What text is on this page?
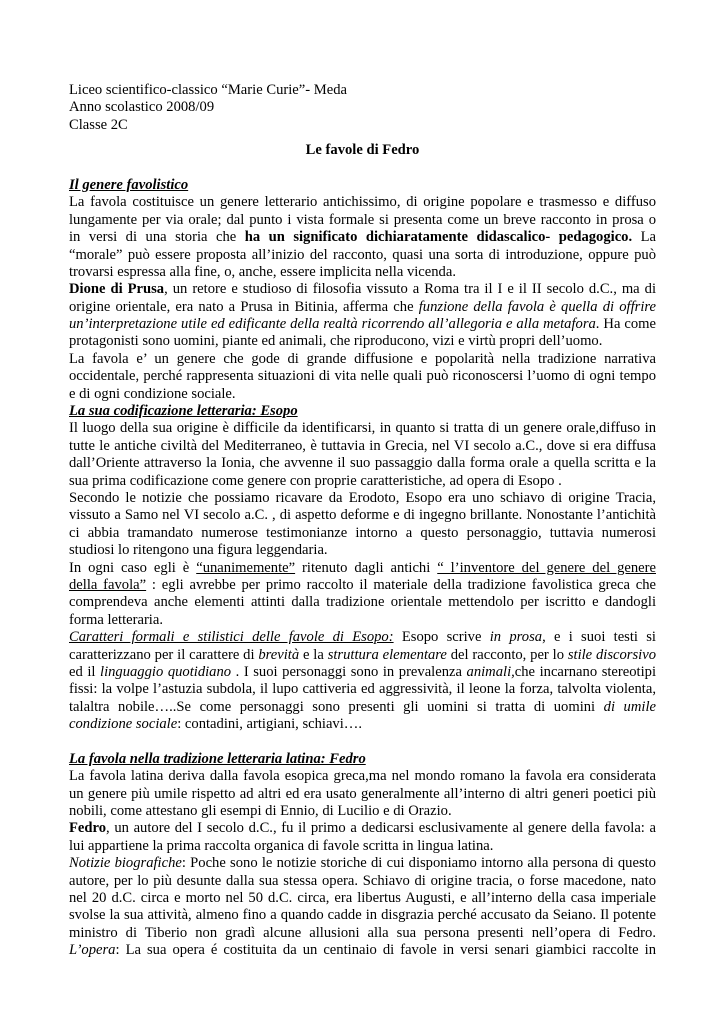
Liceo scientifico-classico “Marie Curie”- Meda
Anno scolastico 2008/09
Classe 2C
Le favole di Fedro
Il genere favolistico
La favola costituisce un genere letterario antichissimo, di origine popolare e trasmesso e diffuso
lungamente per via orale; dal punto i vista formale si presenta come un breve racconto in prosa o
in versi di una storia che ha un significato dichiaratamente didascalico- pedagogico. La
“morale” può essere proposta all’inizio del racconto, quasi una sorta di introduzione, oppure può
trovarsi espressa alla fine, o, anche, essere implicita nella vicenda.
Dione di Prusa, un retore e studioso di filosofia vissuto a Roma tra il I e il II secolo d.C., ma di
origine orientale, era nato a Prusa in Bitinia, afferma che funzione della favola è quella di offrire
un’interpretazione utile ed edificante della realtà ricorrendo all’allegoria e alla metafora. Ha come
protagonisti sono uomini, piante ed animali, che riproducono, vizi e virtù propri dell’uomo.
La favola e’ un genere che gode di grande diffusione e popolarità nella tradizione narrativa
occidentale, perché rappresenta situazioni di vita nelle quali può riconoscersi l’uomo di ogni tempo
e di ogni condizione sociale.
La sua codificazione letteraria: Esopo
Il luogo della sua origine è difficile da identificarsi, in quanto si tratta di un genere orale,diffuso in
tutte le antiche civiltà del Mediterraneo, è tuttavia in Grecia, nel VI secolo a.C., dove si era diffusa
dall’Oriente attraverso la Ionia, che avvenne il suo passaggio dalla forma orale a quella scritta e la
sua prima codificazione come genere con proprie caratteristiche, ad opera di Esopo .
Secondo le notizie che possiamo ricavare da Erodoto, Esopo era uno schiavo di origine Tracia,
vissuto a Samo nel VI secolo a.C. , di aspetto deforme e di ingegno brillante. Nonostante l’antichità
ci abbia tramandato numerose testimonianze intorno a questo personaggio, tuttavia numerosi
studiosi lo ritengono una figura leggendaria.
In ogni caso egli è “unanimemente” ritenuto dagli antichi “ l’inventore del genere del genere
della favola” : egli avrebbe per primo raccolto il materiale della tradizione favolistica greca che
comprendeva anche elementi attinti dalla tradizione orientale mettendolo per iscritto e dandogli
forma letteraria.
Caratteri formali e stilistici delle favole di Esopo: Esopo scrive in prosa, e i suoi testi si
caratterizzano per il carattere di brevità e la struttura elementare del racconto, per lo stile discorsivo
ed il linguaggio quotidiano . I suoi personaggi sono in prevalenza animali,che incarnano stereotipi
fissi: la volpe l’astuzia subdola, il lupo cattiveria ed aggressività, il leone la forza, talvolta violenta,
talaltra nobile…..Se come personaggi sono presenti gli uomini si tratta di uomini di umile
condizione sociale: contadini, artigiani, schiavi….
La favola nella tradizione letteraria latina: Fedro
La favola latina deriva dalla favola esopica greca,ma nel mondo romano la favola era considerata
un genere più umile rispetto ad altri ed era usato generalmente all’interno di altri generi poetici più
nobili, come attestano gli esempi di Ennio, di Lucilio e di Orazio.
Fedro, un autore del I secolo d.C., fu il primo a dedicarsi esclusivamente al genere della favola: a
lui appartiene la prima raccolta organica di favole scritta in lingua latina.
Notizie biografiche: Poche sono le notizie storiche di cui disponiamo intorno alla persona di questo
autore, per lo più desunte dalla sua stessa opera. Schiavo di origine tracia, o forse macedone, nato
nel 20 d.C. circa e morto nel 50 d.C. circa, era libertus Augusti, e all’interno della casa imperiale
svolse la sua attività, almeno fino a quando cadde in disgrazia perché accusato da Seiano. Il potente
ministro di Tiberio non gradì alcune allusioni alla sua persona presenti nell’opera di Fedro.
L’opera: La sua opera é costituita da un centinaio di favole in versi senari giambici raccolte in
